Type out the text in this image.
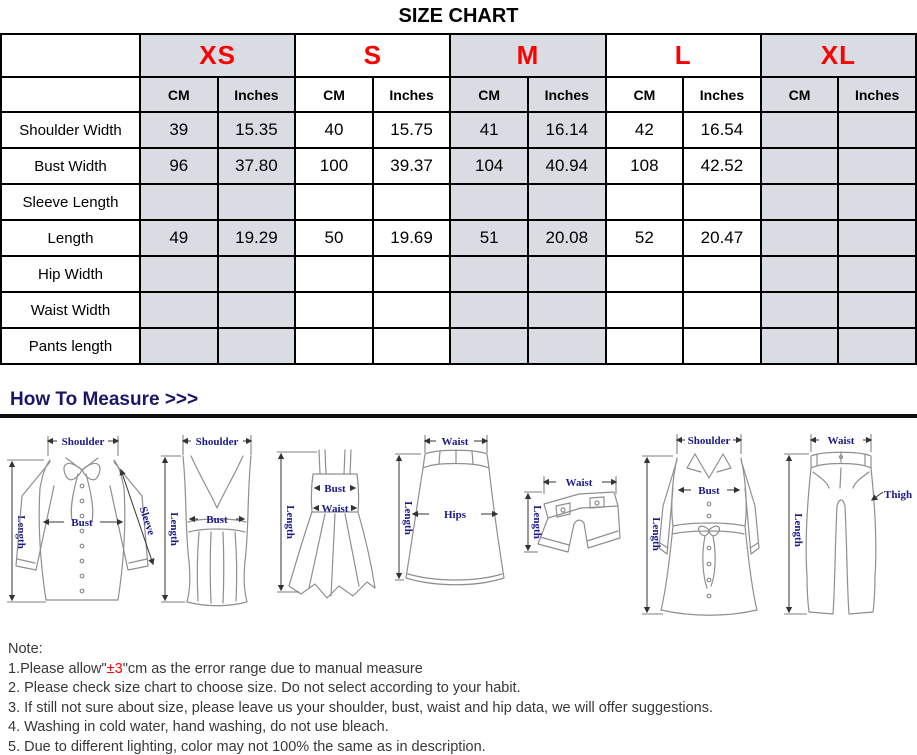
SIZE CHART
	XS		S		M		L		XL	
	CM	Inches	CM	Inches	CM	Inches	CM	Inches	CM	Inches
Shoulder Width	39	15.35	40	15.75	41	16.14	42	16.54		
Bust Width	96	37.80	100	39.37	104	40.94	108	42.52		
Sleeve Length										
Length	49	19.29	50	19.69	51	20.08	52	20.47		
Hip Width										
Waist Width										
Pants length										
How To Measure >>>
Shoulder
Length	Bust	Sleeve
Shoulder
Length Bust
Bust
Waist
Length
Waist
Hips
Length
Waist
Length
Shoulder
Bust
Length
Waist
Thigh
Length
Note:
1.Please allow"±3"cm as the error range due to manual measure
2. Please check size chart to choose size. Do not select according to your habit.
3. If still not sure about size, please leave us your shoulder, bust, waist and hip data, we will offer suggestions.
4. Washing in cold water, hand washing, do not use bleach.
5. Due to different lighting, color may not 100% the same as in description.
